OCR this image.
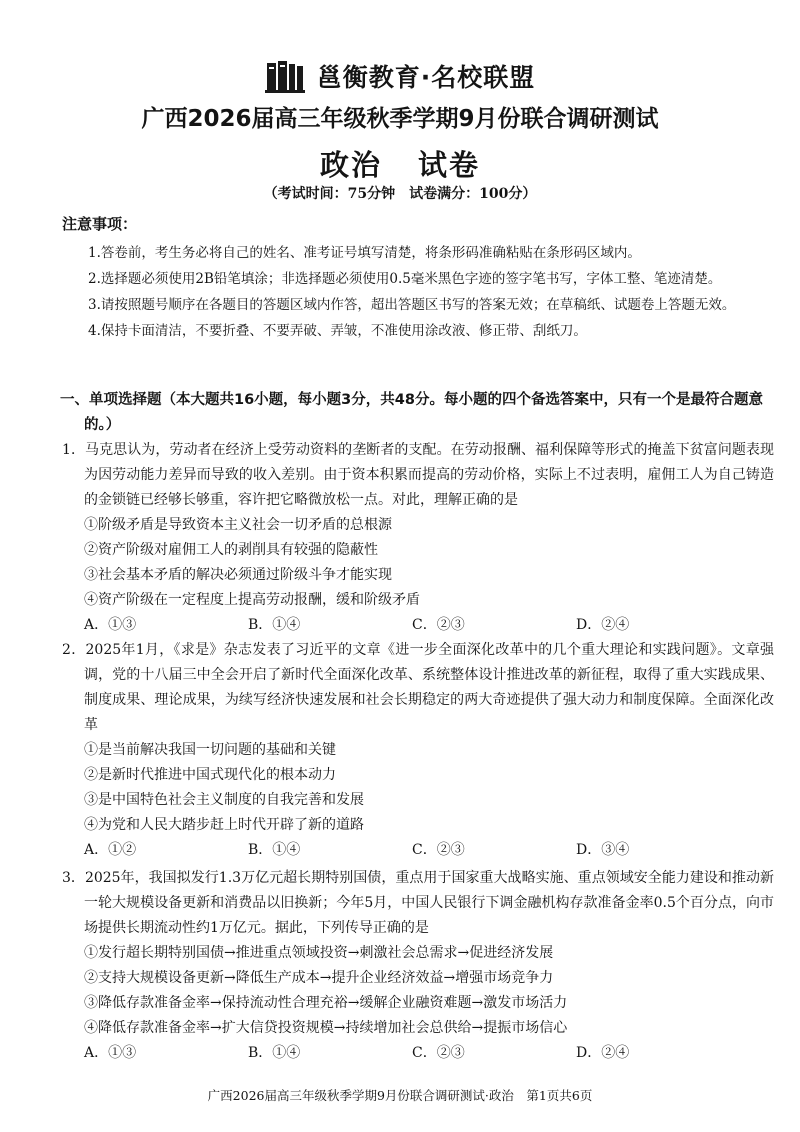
邕衡教育·名校联盟
广西2026届高三年级秋季学期9月份联合调研测试
政治 试卷
（考试时间：75分钟　试卷满分：100分）
注意事项：
1.答卷前，考生务必将自己的姓名、准考证号填写清楚，将条形码准确粘贴在条形码区域内。
2.选择题必须使用2B铅笔填涂；非选择题必须使用0.5毫米黑色字迹的签字笔书写，字体工整、笔迹清楚。
3.请按照题号顺序在各题目的答题区域内作答，超出答题区书写的答案无效；在草稿纸、试题卷上答题无效。
4.保持卡面清洁，不要折叠、不要弄破、弄皱，不准使用涂改液、修正带、刮纸刀。
一、单项选择题（本大题共16小题，每小题3分，共48分。每小题的四个备选答案中，只有一个是最符合题意的。）
1．马克思认为，劳动者在经济上受劳动资料的垄断者的支配。在劳动报酬、福利保障等形式的掩盖下贫富问题表现为因劳动能力差异而导致的收入差别。由于资本积累而提高的劳动价格，实际上不过表明，雇佣工人为自己铸造的金锁链已经够长够重，容许把它略微放松一点。对此，理解正确的是
①阶级矛盾是导致资本主义社会一切矛盾的总根源
②资产阶级对雇佣工人的剥削具有较强的隐蔽性
③社会基本矛盾的解决必须通过阶级斗争才能实现
④资产阶级在一定程度上提高劳动报酬，缓和阶级矛盾
A．①③	B．①④	C．②③	D．②④
2．2025年1月，《求是》杂志发表了习近平的文章《进一步全面深化改革中的几个重大理论和实践问题》。文章强调，党的十八届三中全会开启了新时代全面深化改革、系统整体设计推进改革的新征程，取得了重大实践成果、制度成果、理论成果，为续写经济快速发展和社会长期稳定的两大奇迹提供了强大动力和制度保障。全面深化改革
①是当前解决我国一切问题的基础和关键
②是新时代推进中国式现代化的根本动力
③是中国特色社会主义制度的自我完善和发展
④为党和人民大踏步赶上时代开辟了新的道路
A．①②	B．①④	C．②③	D．③④
3．2025年，我国拟发行1.3万亿元超长期特别国债，重点用于国家重大战略实施、重点领域安全能力建设和推动新一轮大规模设备更新和消费品以旧换新；今年5月，中国人民银行下调金融机构存款准备金率0.5个百分点，向市场提供长期流动性约1万亿元。据此，下列传导正确的是
①发行超长期特别国债→推进重点领域投资→刺激社会总需求→促进经济发展
②支持大规模设备更新→降低生产成本→提升企业经济效益→增强市场竞争力
③降低存款准备金率→保持流动性合理充裕→缓解企业融资难题→激发市场活力
④降低存款准备金率→扩大信贷投资规模→持续增加社会总供给→提振市场信心
A．①③	B．①④	C．②③	D．②④
广西2026届高三年级秋季学期9月份联合调研测试·政治　第1页共6页
